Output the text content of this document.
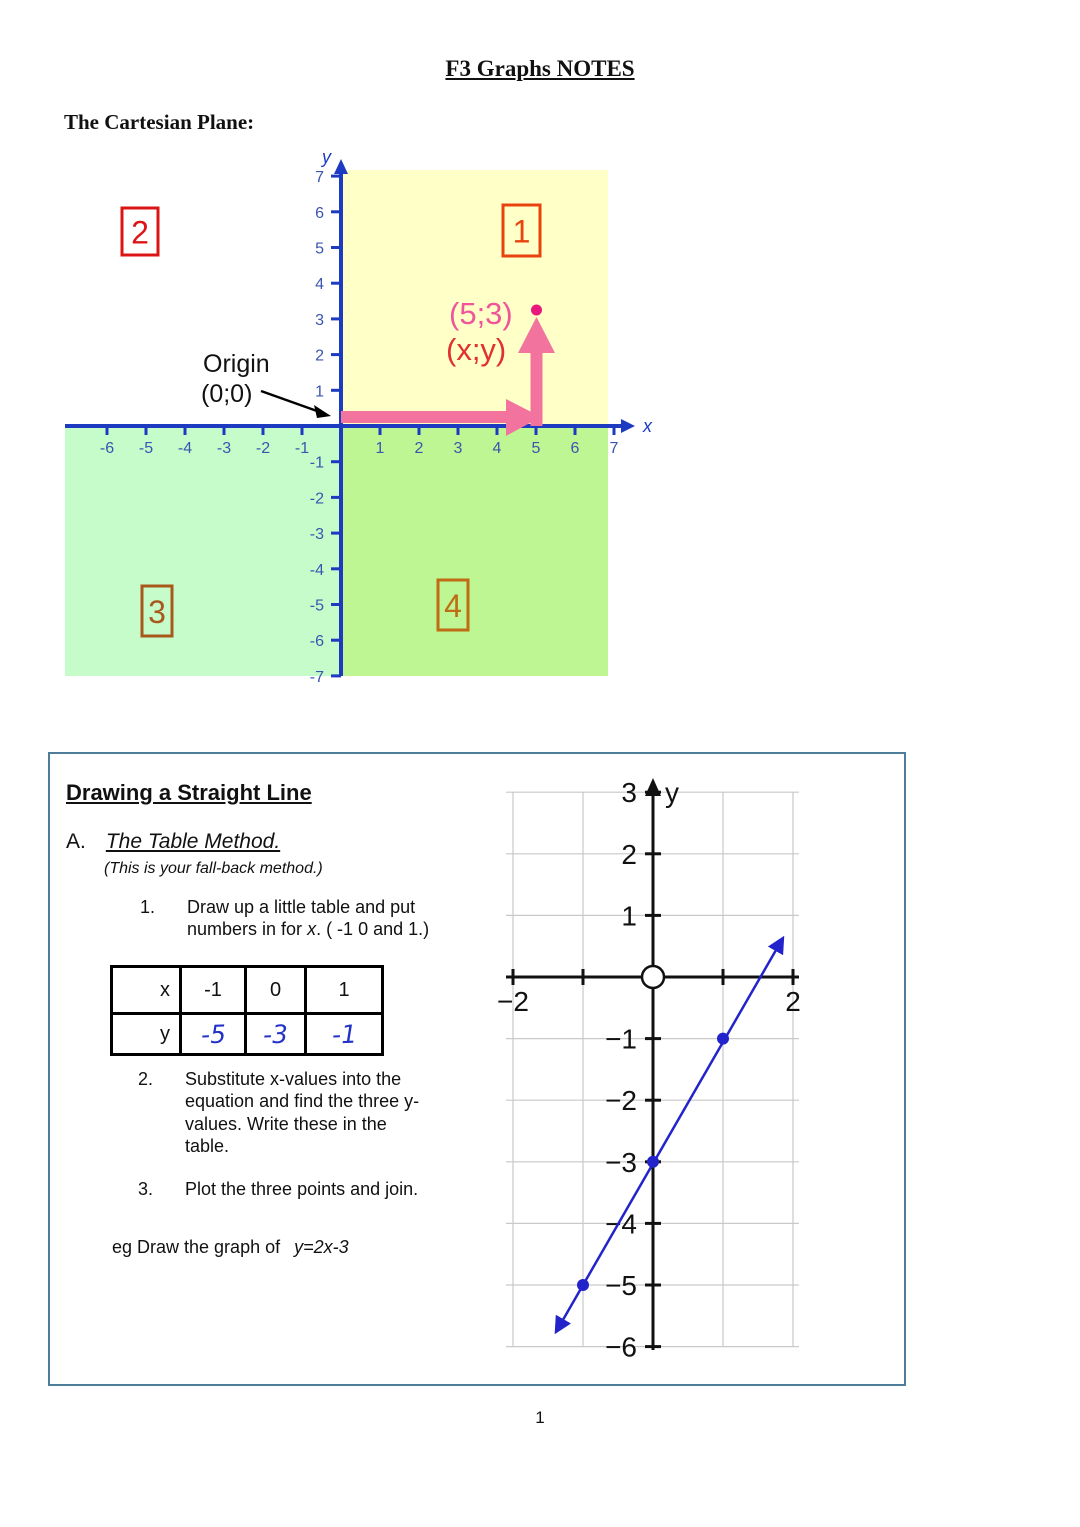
F3 Graphs NOTES
The Cartesian Plane:
x
y
-6 -5 -4 -3 -2 -1	1 2 3 4 5 6 7
7
6
5
4
3
2
1
-1
-2
-3
-4
-5
-6
-7
1
2
3	4
(5;3)
(x;y)
Origin
(0;0)
Drawing a Straight Line
A. The Table Method.
(This is your fall-back method.)
1. Draw up a little table and put numbers in for x. ( -1 0 and 1.)
x	-1	0	1
y	-5	-3	-1
2. Substitute x-values into the equation and find the three y-values. Write these in the table.
3. Plot the three points and join.
eg Draw the graph of y=2x-3
3
2
1
−1
−2
−3
−4
−5
−6
−2	2
y
1
